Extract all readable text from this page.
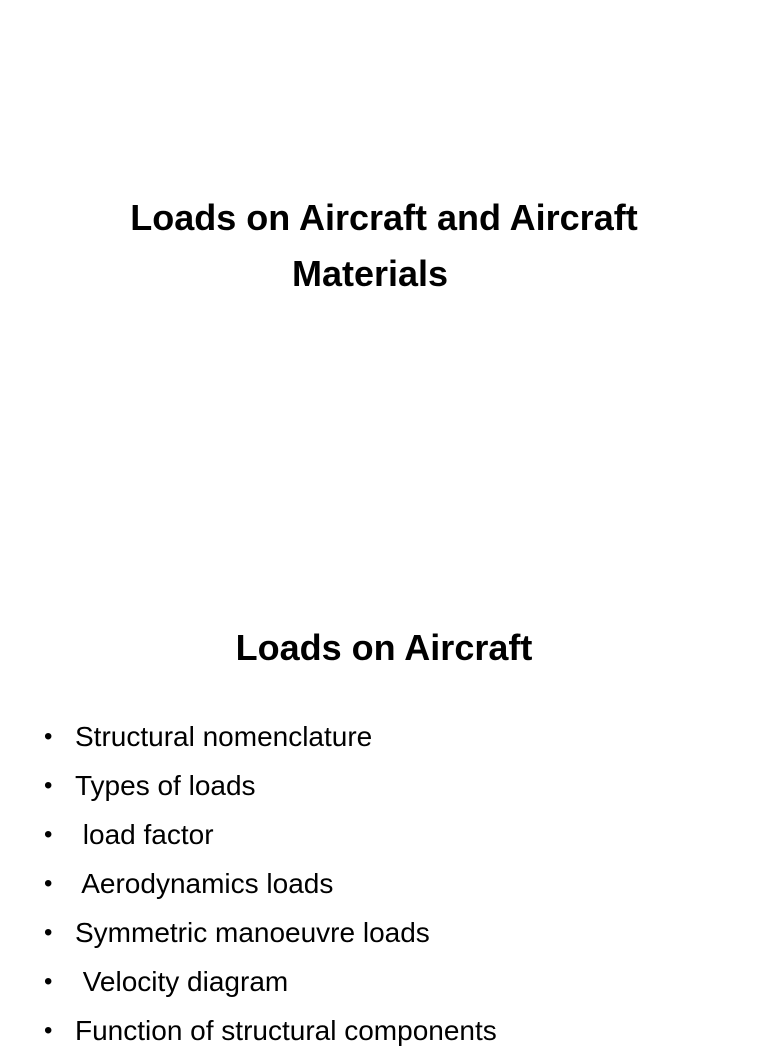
Loads on Aircraft and Aircraft
Materials
Loads on Aircraft
• Structural nomenclature
• Types of loads
• load factor
• Aerodynamics loads
• Symmetric manoeuvre loads
• Velocity diagram
• Function of structural components
